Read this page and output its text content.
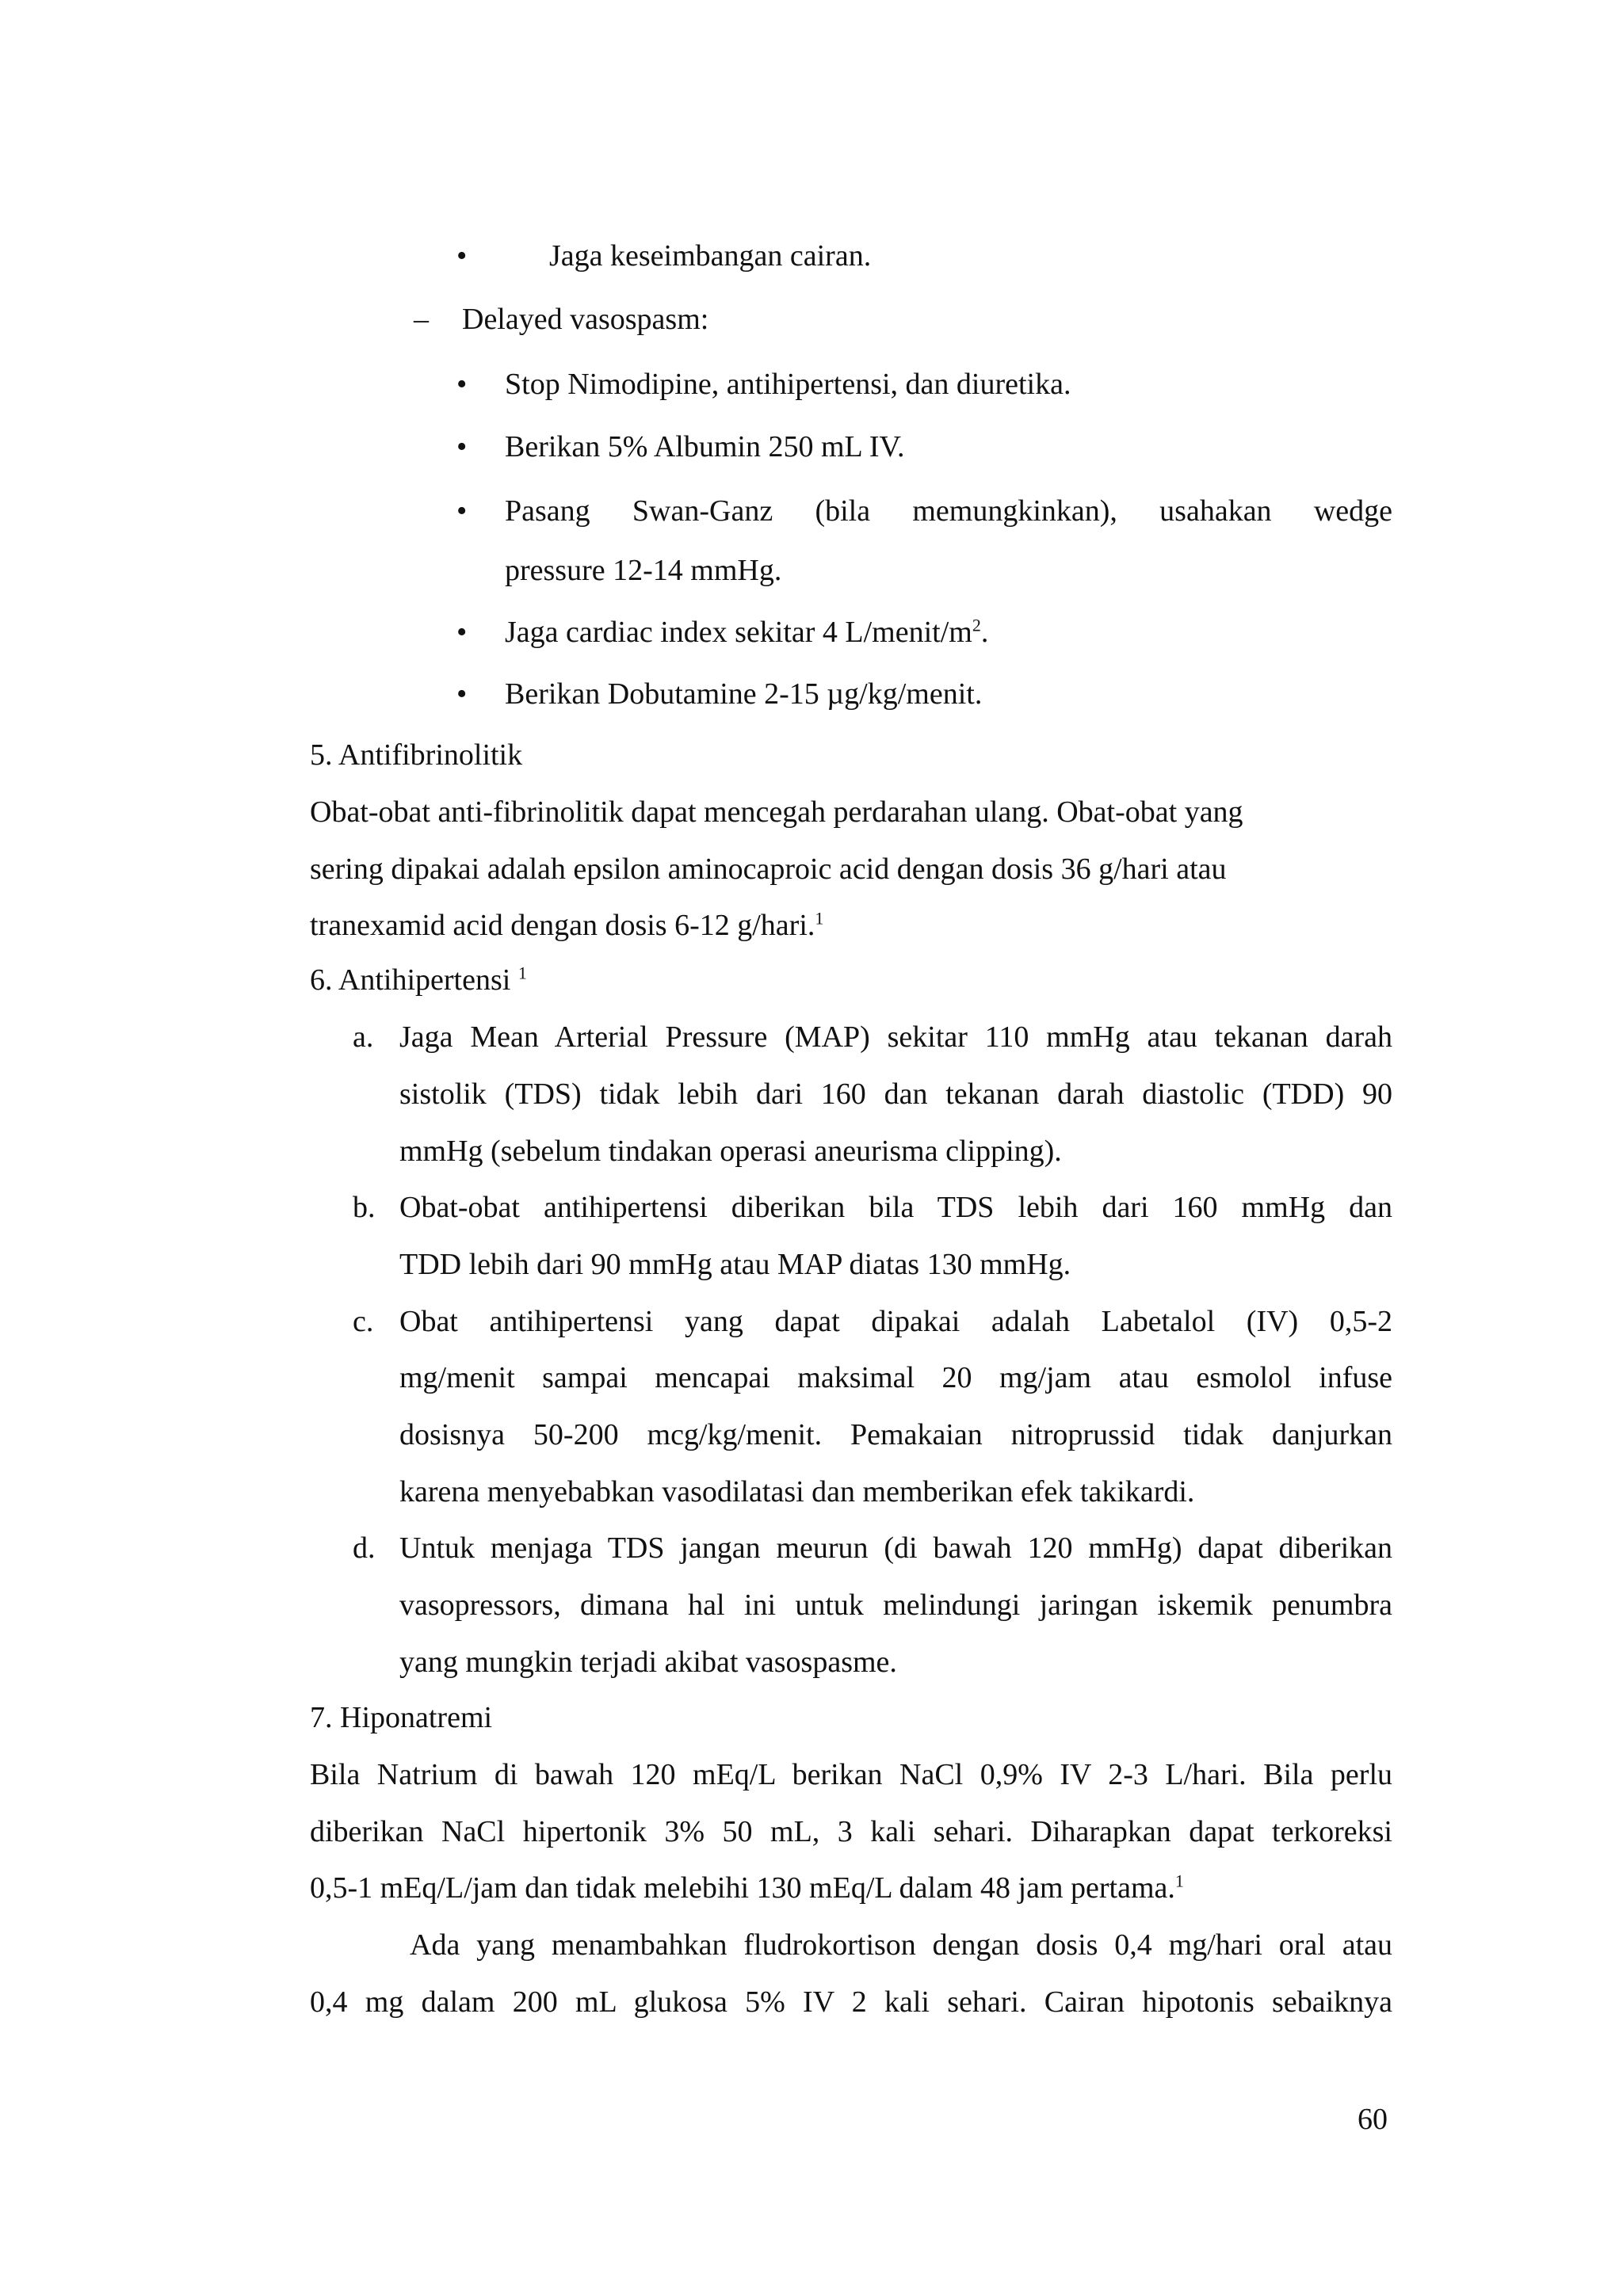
•	Jaga keseimbangan cairan.
– Delayed vasospasm:
• Stop Nimodipine, antihipertensi, dan diuretika.
• Berikan 5% Albumin 250 mL IV.
• Pasang Swan-Ganz (bila memungkinkan), usahakan wedge
pressure 12-14 mmHg.
• Jaga cardiac index sekitar 4 $L/menit/m^2$.
• Berikan Dobutamine 2-15 µg/kg/menit.
5. Antifibrinolitik
Obat-obat anti-fibrinolitik dapat mencegah perdarahan ulang. Obat-obat yang
sering dipakai adalah epsilon aminocaproic acid dengan dosis 36 g/hari atau
tranexamid acid dengan dosis 6-12 g/hari.$^1$
6. Antihipertensi $^1$
a. Jaga Mean Arterial Pressure (MAP) sekitar 110 mmHg atau tekanan darah
sistolik (TDS) tidak lebih dari 160 dan tekanan darah diastolic (TDD) 90
mmHg (sebelum tindakan operasi aneurisma clipping).
b. Obat-obat antihipertensi diberikan bila TDS lebih dari 160 mmHg dan
TDD lebih dari 90 mmHg atau MAP diatas 130 mmHg.
c. Obat antihipertensi yang dapat dipakai adalah Labetalol (IV) 0,5-2
mg/menit sampai mencapai maksimal 20 mg/jam atau esmolol infuse
dosisnya 50-200 mcg/kg/menit. Pemakaian nitroprussid tidak danjurkan
karena menyebabkan vasodilatasi dan memberikan efek takikardi.
d. Untuk menjaga TDS jangan meurun (di bawah 120 mmHg) dapat diberikan
vasopressors, dimana hal ini untuk melindungi jaringan iskemik penumbra
yang mungkin terjadi akibat vasospasme.
7. Hiponatremi
Bila Natrium di bawah 120 mEq/L berikan NaCl 0,9% IV 2-3 L/hari. Bila perlu
diberikan NaCl hipertonik 3% 50 mL, 3 kali sehari. Diharapkan dapat terkoreksi
0,5-1 mEq/L/jam dan tidak melebihi 130 mEq/L dalam 48 jam pertama.$^1$
Ada yang menambahkan fludrokortison dengan dosis 0,4 mg/hari oral atau
0,4 mg dalam 200 mL glukosa 5% IV 2 kali sehari. Cairan hipotonis sebaiknya
60
